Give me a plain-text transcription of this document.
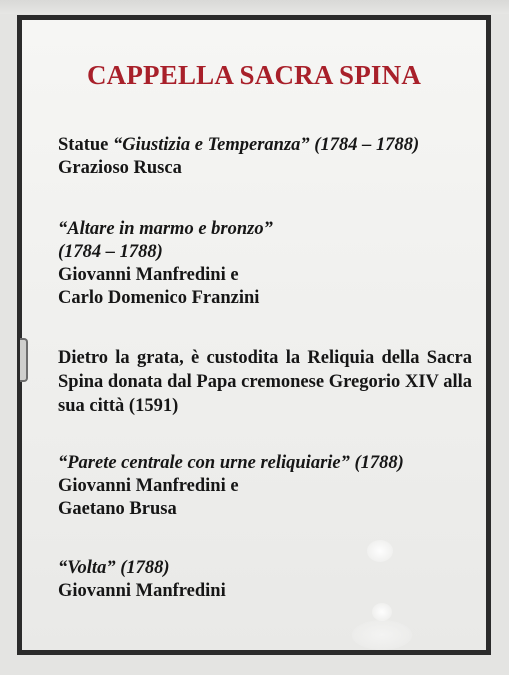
CAPPELLA SACRA SPINA
Statue “Giustizia e Temperanza” (1784 – 1788)
Grazioso Rusca
“Altare in marmo e bronzo”
(1784 – 1788)
Giovanni Manfredini e
Carlo Domenico Franzini
Dietro la grata, è custodita la Reliquia della Sacra Spina donata dal Papa cremonese Gregorio XIV alla sua città (1591)
“Parete centrale con urne reliquiarie” (1788)
Giovanni Manfredini e
Gaetano Brusa
“Volta” (1788)
Giovanni Manfredini
